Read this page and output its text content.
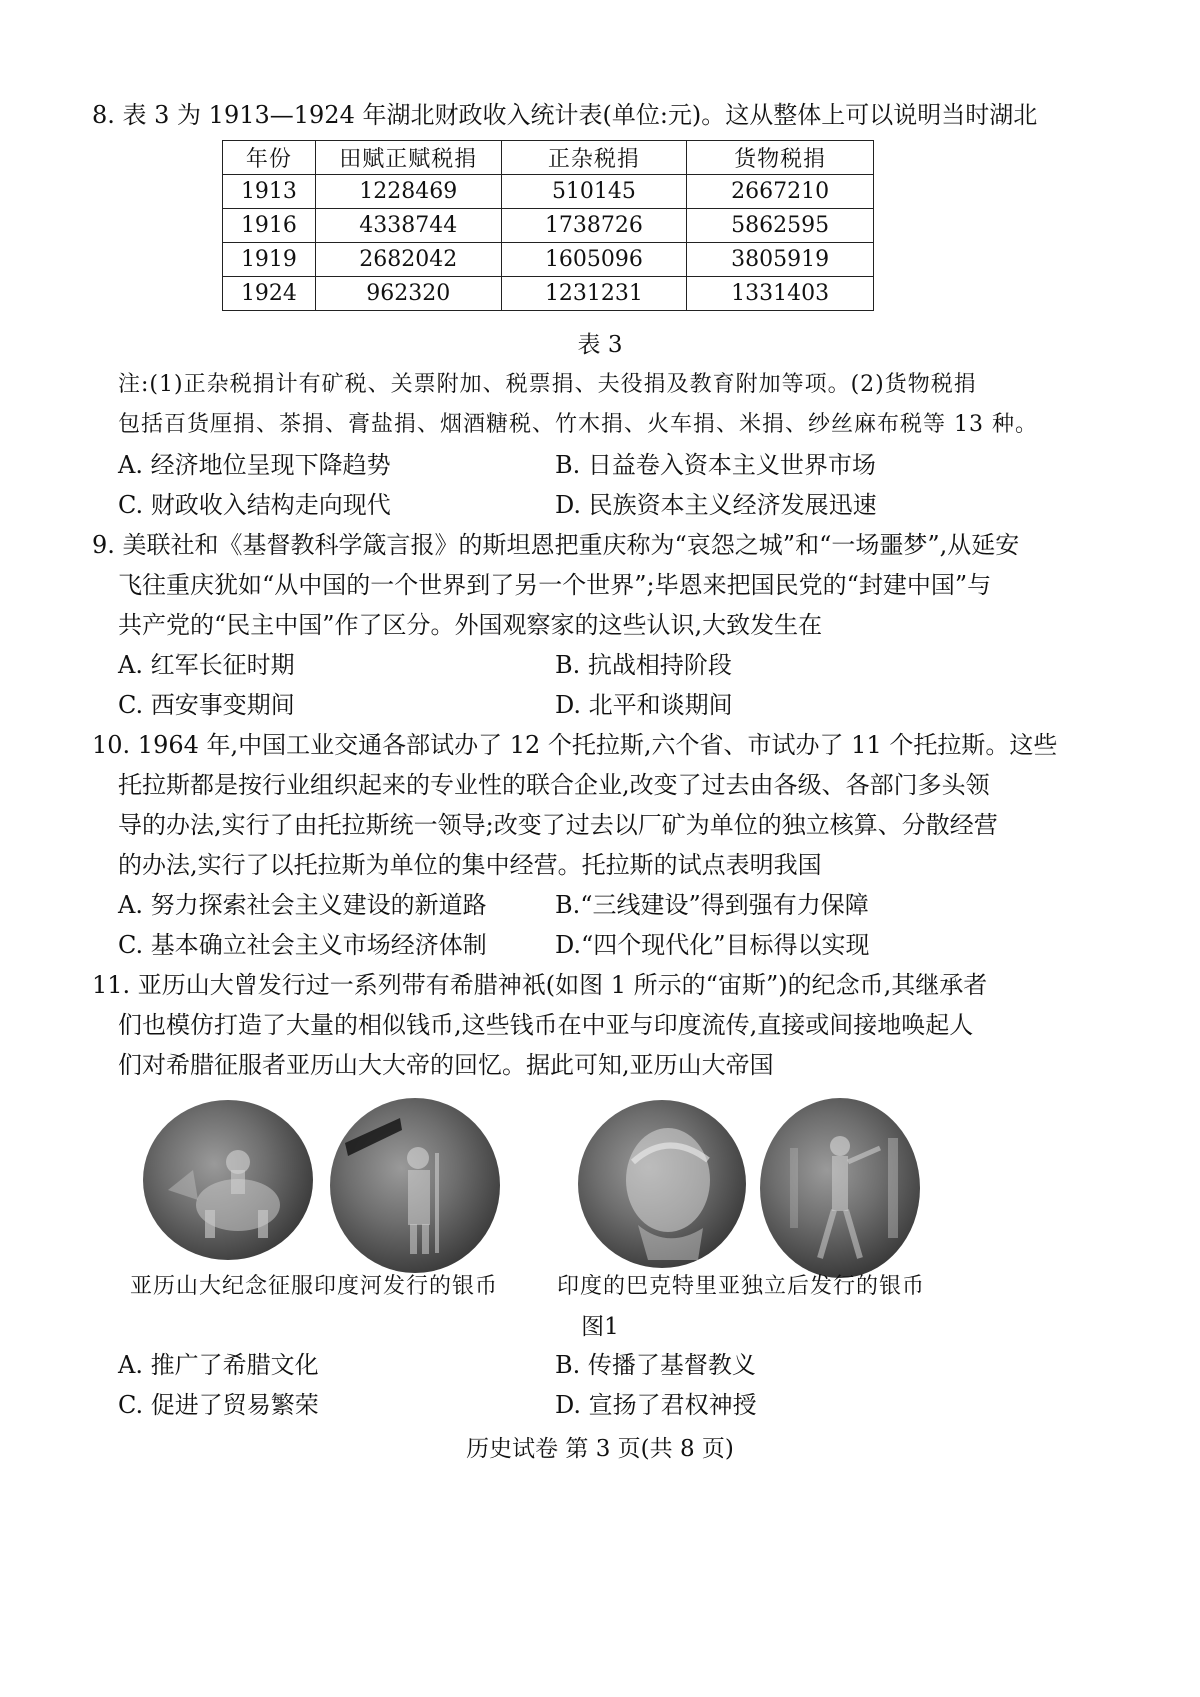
8. 表 3 为 1913—1924 年湖北财政收入统计表(单位:元)。这从整体上可以说明当时湖北
年份	田赋正赋税捐	正杂税捐	货物税捐
1913	1228469	510145	2667210
1916	4338744	1738726	5862595
1919	2682042	1605096	3805919
1924	962320	1231231	1331403
表 3
注:(1)正杂税捐计有矿税、关票附加、税票捐、夫役捐及教育附加等项。(2)货物税捐
包括百货厘捐、茶捐、膏盐捐、烟酒糖税、竹木捐、火车捐、米捐、纱丝麻布税等 13 种。
A. 经济地位呈现下降趋势	B. 日益卷入资本主义世界市场
C. 财政收入结构走向现代	D. 民族资本主义经济发展迅速
9. 美联社和《基督教科学箴言报》的斯坦恩把重庆称为“哀怨之城”和“一场噩梦”,从延安
飞往重庆犹如“从中国的一个世界到了另一个世界”;毕恩来把国民党的“封建中国”与
共产党的“民主中国”作了区分。外国观察家的这些认识,大致发生在
A. 红军长征时期	B. 抗战相持阶段
C. 西安事变期间	D. 北平和谈期间
10. 1964 年,中国工业交通各部试办了 12 个托拉斯,六个省、市试办了 11 个托拉斯。这些
托拉斯都是按行业组织起来的专业性的联合企业,改变了过去由各级、各部门多头领
导的办法,实行了由托拉斯统一领导;改变了过去以厂矿为单位的独立核算、分散经营
的办法,实行了以托拉斯为单位的集中经营。托拉斯的试点表明我国
A. 努力探索社会主义建设的新道路	B.“三线建设”得到强有力保障
C. 基本确立社会主义市场经济体制	D.“四个现代化”目标得以实现
11. 亚历山大曾发行过一系列带有希腊神祇(如图 1 所示的“宙斯”)的纪念币,其继承者
们也模仿打造了大量的相似钱币,这些钱币在中亚与印度流传,直接或间接地唤起人
们对希腊征服者亚历山大大帝的回忆。据此可知,亚历山大帝国
亚历山大纪念征服印度河发行的银币	印度的巴克特里亚独立后发行的银币
图1
A. 推广了希腊文化	B. 传播了基督教义
C. 促进了贸易繁荣	D. 宣扬了君权神授
历史试卷 第 3 页(共 8 页)
